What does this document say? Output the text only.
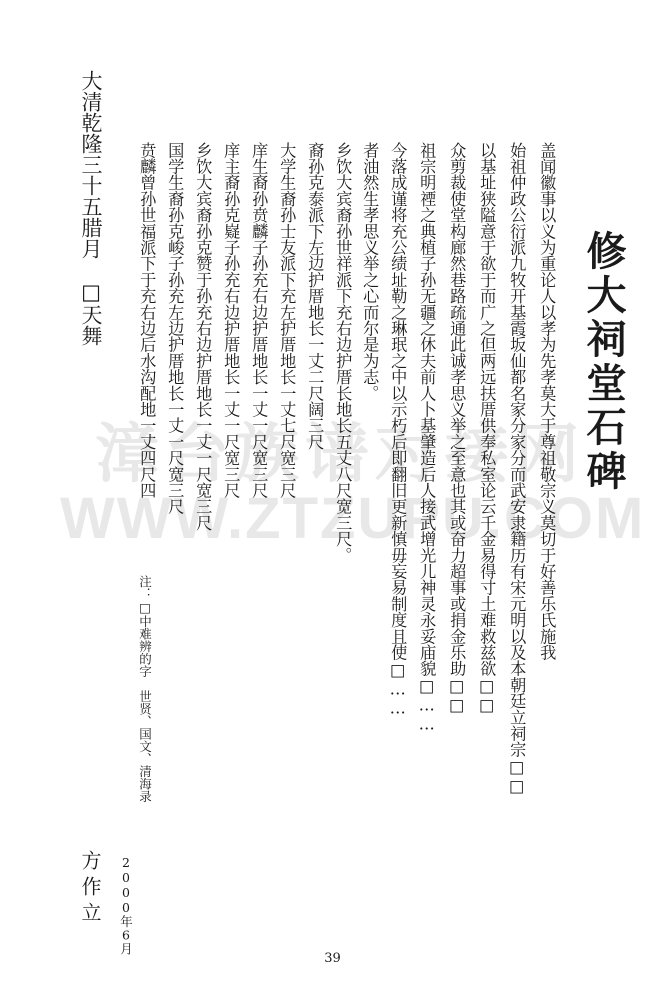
漳台族谱对接网
WWW.ZTZUPU.COM
修大祠堂石碑
盖闻徽事以义为重论人以孝为先孝莫大于尊祖敬宗义莫切于好善乐氏施我
始祖仲政公衍派九牧开基霞坂仙都名家分家分而武安隶籍历有宋元明以及本朝廷立祠宗□□
以基址狭隘意于欲于而广之但两远扶厝供奉私室论云千金易得寸土难救兹欲□□
众剪裁使堂构廊然巷路疏通此诚孝思义举之至意也其或奋力超事或捐金乐助□□
祖宗明禋之典植子孙无疆之休夫前人卜基肇造后人接武增光儿神灵永妥庙貌□……
今落成谨将充公绩址勒之琳珉之中以示朽后即翻旧更新慎毋妄易制度且使□……
者油然生孝思义举之心而尔是为志。
乡饮大宾裔孙世祥派下充右边护厝长地长五丈八尺宽三尺。
裔孙克泰派下左边护厝地长一丈二尺阔三尺
大学生裔孙士友派下充左护厝地长一丈七尺宽三尺
庠生裔孙贲麟子孙充右边护厝地长一丈一尺宽三尺
庠主裔孙克嶷子孙充右边护厝地长一丈一尺宽三尺
乡饮大宾裔孙克赞于孙充右边护厝地长一丈一尺宽三尺
国学生裔孙克峻子孙充左边护厝地长一丈一尺宽三尺
贲麟曾孙世福派下于充右边后水沟配地一丈四尺四
大清乾隆三十五腊月　□天舞
注：□中难辨的字　世贤、国文、清海录
2000年6月
方作立
39
